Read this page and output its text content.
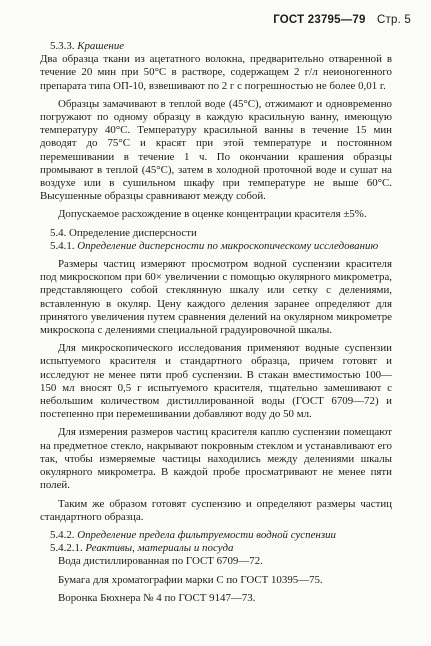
ГОСТ 23795—79 Стр. 5
5.3.3. Крашение

Два образца ткани из ацетатного волокна, предварительно отваренной в течение 20 мин при 50°С в растворе, содержащем 2 г/л неионогенного препарата типа ОП-10, взвешивают по 2 г с погрешностью не более 0,01 г.

Образцы замачивают в теплой воде (45°С), отжимают и одновременно погружают по одному образцу в каждую красильную ванну, имеющую температуру 40°С. Температуру красильной ванны в течение 15 мин доводят до 75°С и красят при этой температуре и постоянном перемешивании в течение 1 ч. По окончании крашения образцы промывают в теплой (45°С), затем в холодной проточной воде и сушат на воздухе или в сушильном шкафу при температуре не выше 60°С. Высушенные образцы сравнивают между собой.

Допускаемое расхождение в оценке концентрации красителя ±5%.

5.4. Определение дисперсности
5.4.1. Определение дисперсности по микроскопическому исследованию

Размеры частиц измеряют просмотром водной суспензии красителя под микроскопом при 60× увеличении с помощью окулярного микрометра, представляющего собой стеклянную шкалу или сетку с делениями, вставленную в окуляр. Цену каждого деления заранее определяют для принятого увеличения путем сравнения делений на окулярном микрометре микроскопа с делениями специальной градуировочной шкалы.

Для микроскопического исследования применяют водные суспензии испытуемого красителя и стандартного образца, причем готовят и исследуют не менее пяти проб суспензии. В стакан вместимостью 100—150 мл вносят 0,5 г испытуемого красителя, тщательно замешивают с небольшим количеством дистиллированной воды (ГОСТ 6709—72) и постепенно при перемешивании добавляют воду до 50 мл.

Для измерения размеров частиц красителя каплю суспензии помещают на предметное стекло, накрывают покровным стеклом и устанавливают его так, чтобы измеряемые частицы находились между делениями шкалы окулярного микрометра. В каждой пробе просматривают не менее пяти полей.

Таким же образом готовят суспензию и определяют размеры частиц стандартного образца.

5.4.2. Определение предела фильтруемости водной суспензии
5.4.2.1. Реактивы, материалы и посуда

Вода дистиллированная по ГОСТ 6709—72.

Бумага для хроматографии марки С по ГОСТ 10395—75.

Воронка Бюхнера № 4 по ГОСТ 9147—73.
